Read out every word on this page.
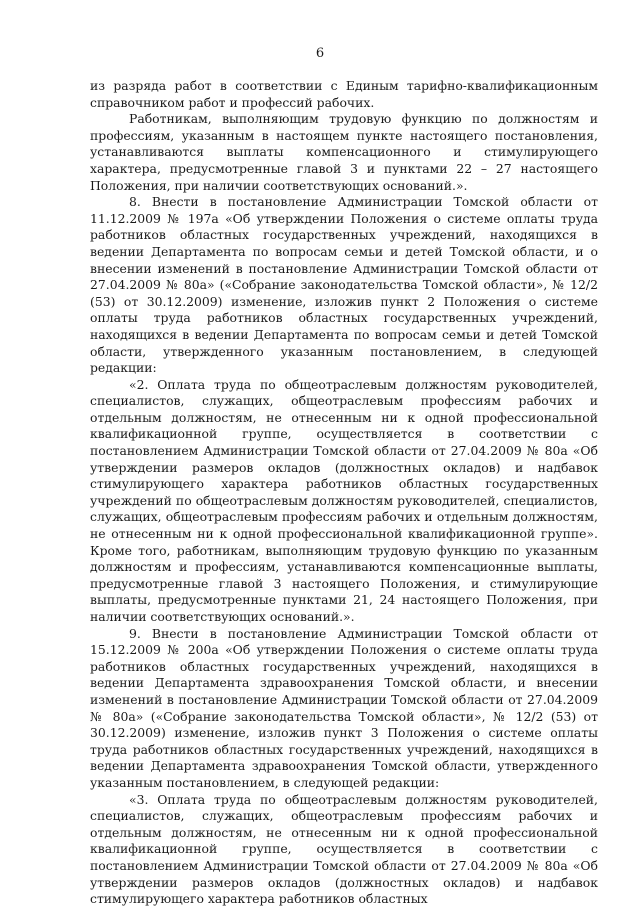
6

из разряда работ в соответствии с Единым тарифно-квалификационным справочником работ и профессий рабочих.

Работникам, выполняющим трудовую функцию по должностям и профессиям, указанным в настоящем пункте настоящего постановления, устанавливаются выплаты компенсационного и стимулирующего характера, предусмотренные главой 3 и пунктами 22 – 27 настоящего Положения, при наличии соответствующих оснований.».

8. Внести в постановление Администрации Томской области от 11.12.2009 № 197а «Об утверждении Положения о системе оплаты труда работников областных государственных учреждений, находящихся в ведении Департамента по вопросам семьи и детей Томской области, и о внесении изменений в постановление Администрации Томской области от 27.04.2009 № 80а» («Собрание законодательства Томской области», № 12/2 (53) от 30.12.2009) изменение, изложив пункт 2 Положения о системе оплаты труда работников областных государственных учреждений, находящихся в ведении Департамента по вопросам семьи и детей Томской области, утвержденного указанным постановлением, в следующей редакции:

«2. Оплата труда по общеотраслевым должностям руководителей, специалистов, служащих, общеотраслевым профессиям рабочих и отдельным должностям, не отнесенным ни к одной профессиональной квалификационной группе, осуществляется в соответствии с постановлением Администрации Томской области от 27.04.2009 № 80а «Об утверждении размеров окладов (должностных окладов) и надбавок стимулирующего характера работников областных государственных учреждений по общеотраслевым должностям руководителей, специалистов, служащих, общеотраслевым профессиям рабочих и отдельным должностям, не отнесенным ни к одной профессиональной квалификационной группе». Кроме того, работникам, выполняющим трудовую функцию по указанным должностям и профессиям, устанавливаются компенсационные выплаты, предусмотренные главой 3 настоящего Положения, и стимулирующие выплаты, предусмотренные пунктами 21, 24 настоящего Положения, при наличии соответствующих оснований.».

9. Внести в постановление Администрации Томской области от 15.12.2009 № 200а «Об утверждении Положения о системе оплаты труда работников областных государственных учреждений, находящихся в ведении Департамента здравоохранения Томской области, и внесении изменений в постановление Администрации Томской области от 27.04.2009 № 80а» («Собрание законодательства Томской области», № 12/2 (53) от 30.12.2009) изменение, изложив пункт 3 Положения о системе оплаты труда работников областных государственных учреждений, находящихся в ведении Департамента здравоохранения Томской области, утвержденного указанным постановлением, в следующей редакции:

«3. Оплата труда по общеотраслевым должностям руководителей, специалистов, служащих, общеотраслевым профессиям рабочих и отдельным должностям, не отнесенным ни к одной профессиональной квалификационной группе, осуществляется в соответствии с постановлением Администрации Томской области от 27.04.2009 № 80а «Об утверждении размеров окладов (должностных окладов) и надбавок стимулирующего характера работников областных
